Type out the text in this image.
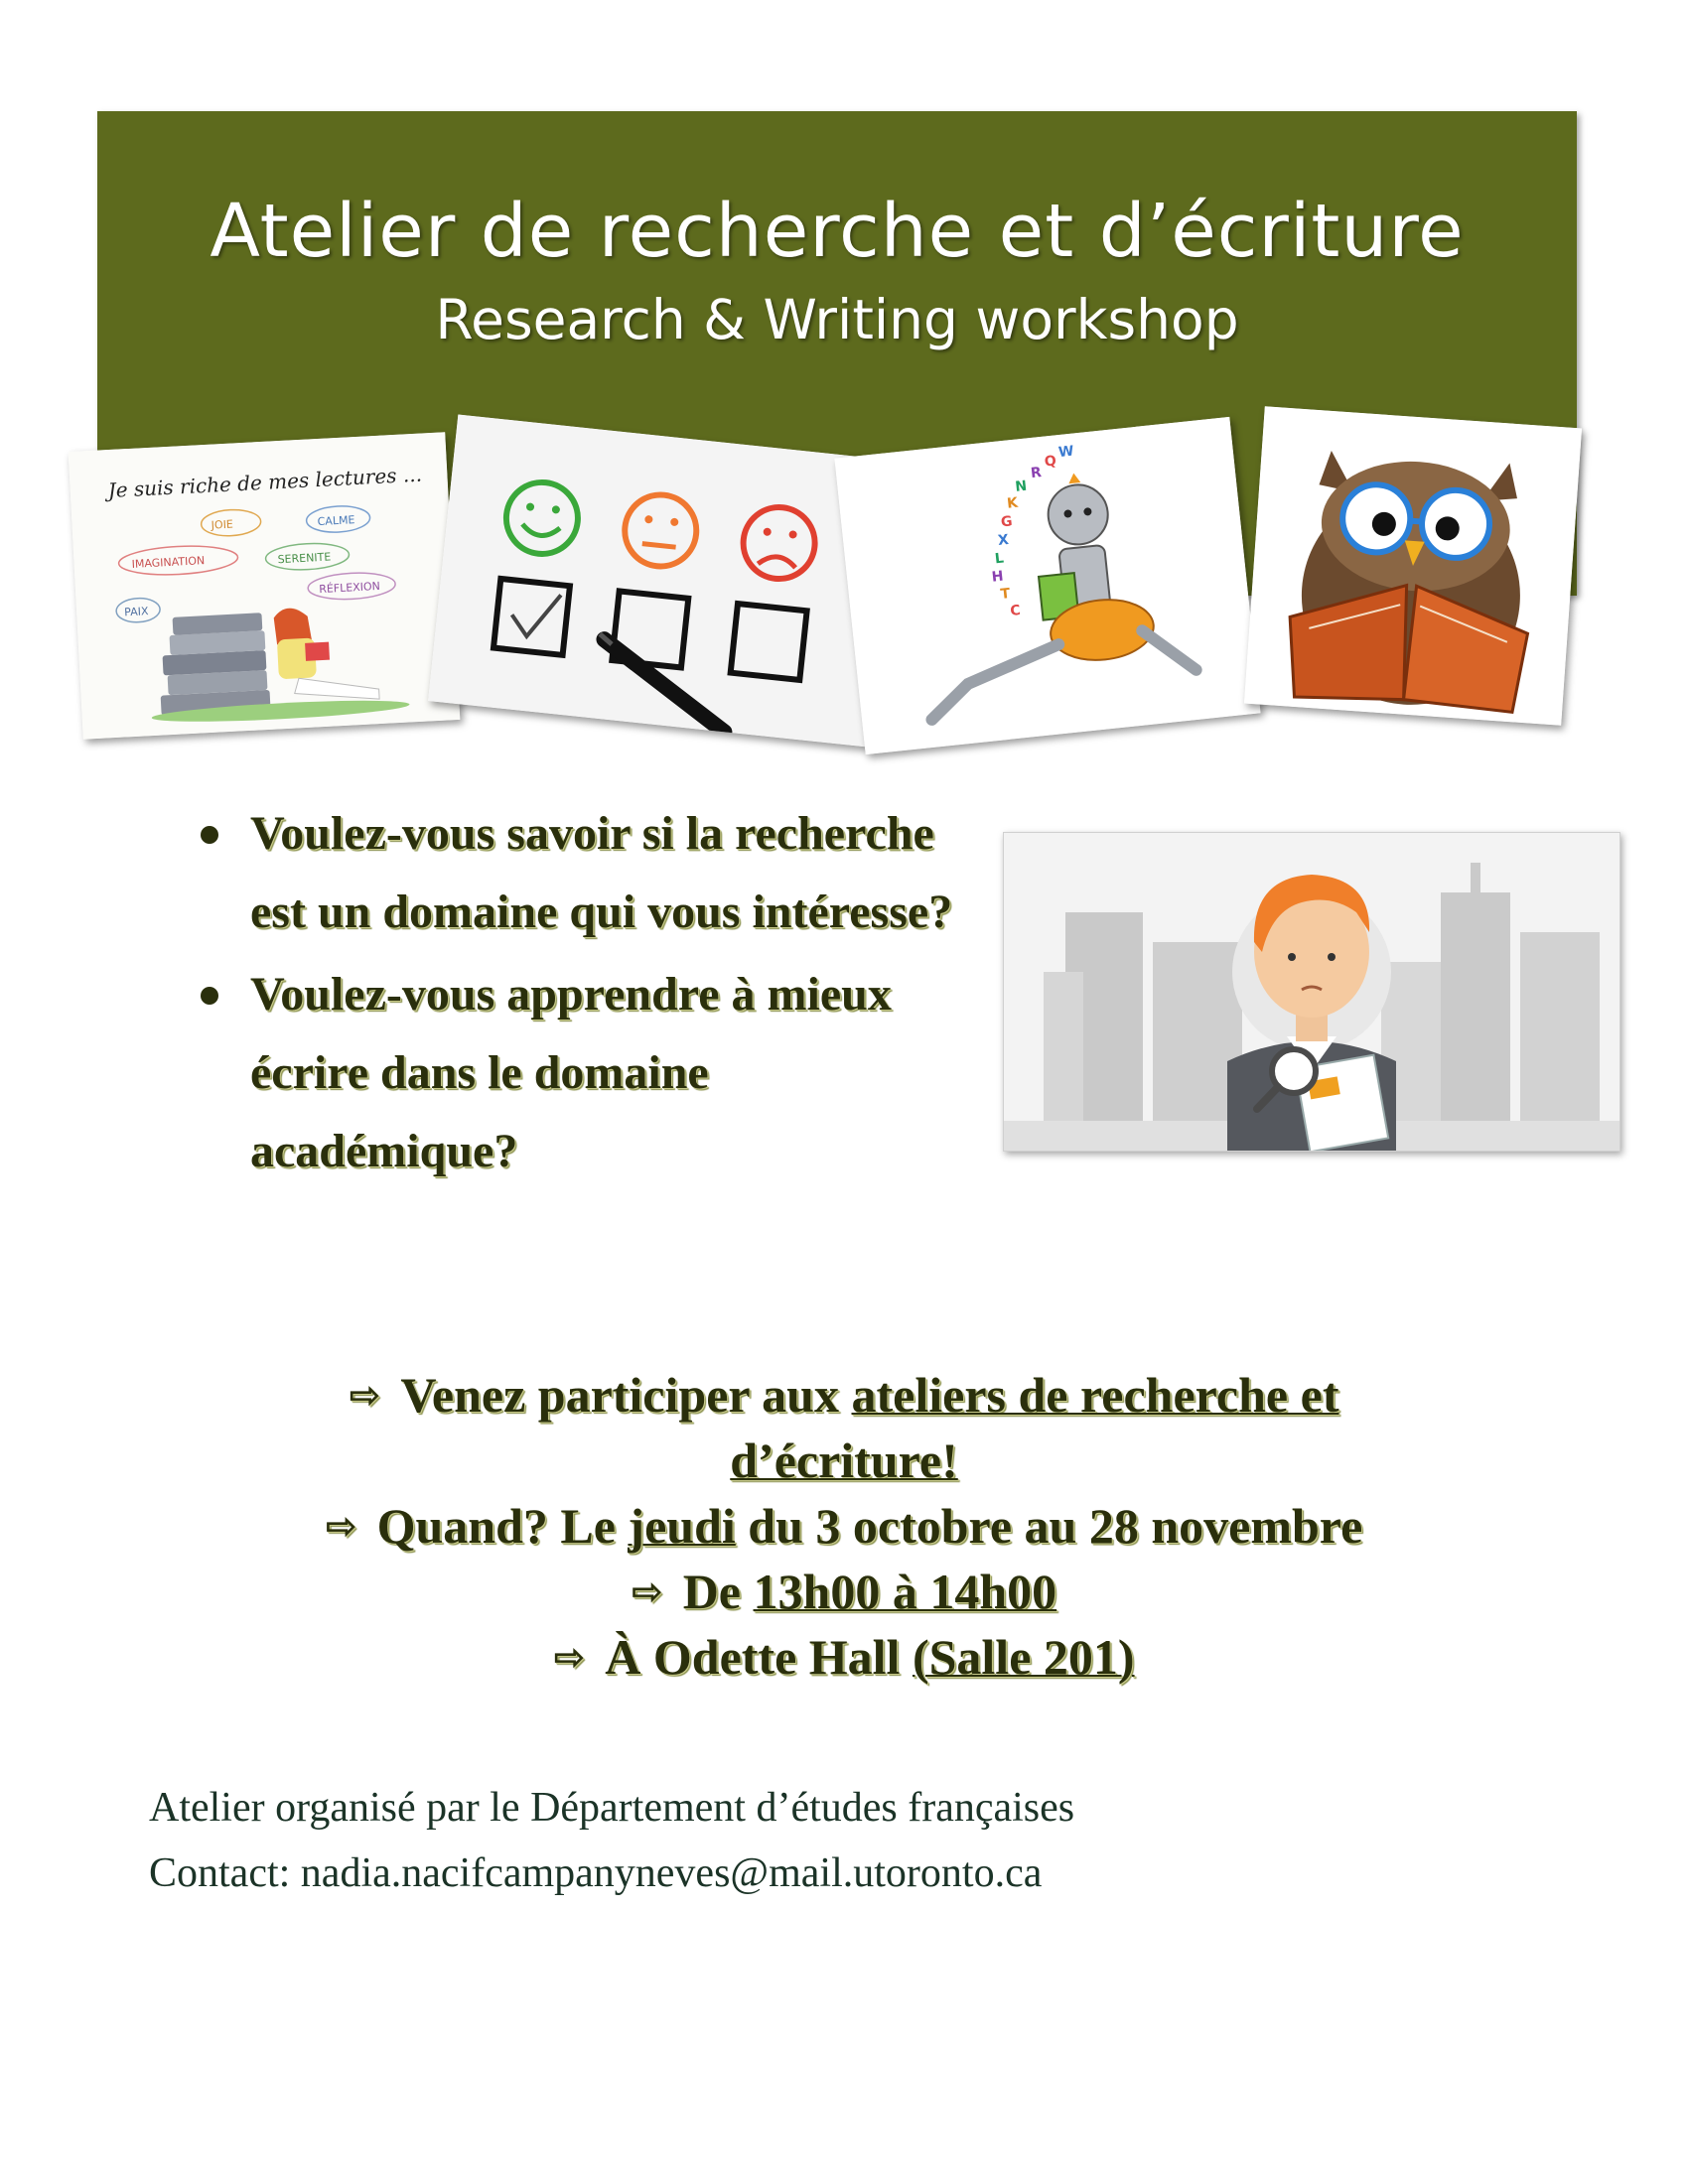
Atelier de recherche et d’écriture
Research & Writing workshop
Je suis riche de mes lectures ...
JOIE	CALME
IMAGINATION	SERENITE
RÉFLEXION
PAIX
Q
W
R
N
K
G
X
L
H
T
C
Voulez-vous savoir si la recherche est un domaine qui vous intéresse?
Voulez-vous apprendre à mieux écrire dans le domaine académique?
⇨ Venez participer aux ateliers de recherche et
d’écriture!
⇨ Quand? Le jeudi du 3 octobre au 28 novembre
⇨ De 13h00 à 14h00
⇨ À Odette Hall (Salle 201)
Atelier organisé par le Département d’études françaises
Contact: nadia.nacifcampanyneves@mail.utoronto.ca
